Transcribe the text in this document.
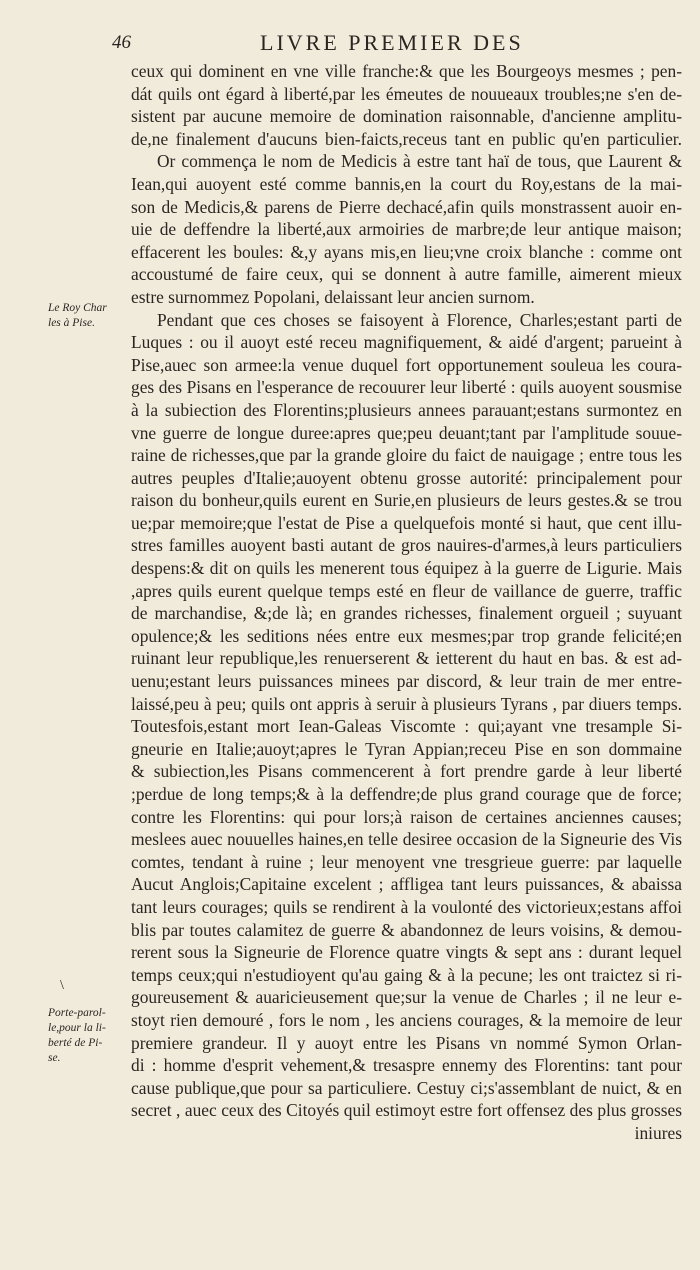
46	LIVRE PREMIER DES
Le Roy Char
les à Pise.
\
Porte-parol-
le,pour la li-
berté de Pi-
se.
ceux qui dominent en vne ville franche:& que les Bourgeoys mesmes ; pen-
dát quils ont égard à liberté,par les émeutes de nouueaux troubles;ne s'en de-
sistent par aucune memoire de domination raisonnable, d'ancienne amplitu-
de,ne finalement d'aucuns bien-faicts,receus tant en public qu'en particulier.
Or commença le nom de Medicis à estre tant haï de tous, que Laurent &
Iean,qui auoyent esté comme bannis,en la court du Roy,estans de la mai-
son de Medicis,& parens de Pierre dechacé,afin quils monstrassent auoir en-
uie de deffendre la liberté,aux armoiries de marbre;de leur antique maison;
effacerent les boules: &,y ayans mis,en lieu;vne croix blanche : comme ont
accoustumé de faire ceux, qui se donnent à autre famille, aimerent mieux
estre surnommez Popolani, delaissant leur ancien surnom.
Pendant que ces choses se faisoyent à Florence, Charles;estant parti de
Luques : ou il auoyt esté receu magnifiquement, & aidé d'argent; parueint à
Pise,auec son armee:la venue duquel fort opportunement souleua les coura-
ges des Pisans en l'esperance de recouurer leur liberté : quils auoyent sousmise
à la subiection des Florentins;plusieurs annees parauant;estans surmontez en
vne guerre de longue duree:apres que;peu deuant;tant par l'amplitude souue-
raine de richesses,que par la grande gloire du faict de nauigage ; entre tous les
autres peuples d'Italie;auoyent obtenu grosse autorité: principalement pour
raison du bonheur,quils eurent en Surie,en plusieurs de leurs gestes.& se trou
ue;par memoire;que l'estat de Pise a quelquefois monté si haut, que cent illu-
stres familles auoyent basti autant de gros nauires-d'armes,à leurs particuliers
despens:& dit on quils les menerent tous équipez à la guerre de Ligurie. Mais
,apres quils eurent quelque temps esté en fleur de vaillance de guerre, traffic
de marchandise, &;de là; en grandes richesses, finalement orgueil ; suyuant
opulence;& les seditions nées entre eux mesmes;par trop grande felicité;en
ruinant leur republique,les renuerserent & ietterent du haut en bas. & est ad-
uenu;estant leurs puissances minees par discord, & leur train de mer entre-
laissé,peu à peu; quils ont appris à seruir à plusieurs Tyrans , par diuers temps.
Toutesfois,estant mort Iean-Galeas Viscomte : qui;ayant vne tresample Si-
gneurie en Italie;auoyt;apres le Tyran Appian;receu Pise en son dommaine
& subiection,les Pisans commencerent à fort prendre garde à leur liberté
;perdue de long temps;& à la deffendre;de plus grand courage que de force;
contre les Florentins: qui pour lors;à raison de certaines anciennes causes;
meslees auec nouuelles haines,en telle desiree occasion de la Signeurie des Vis
comtes, tendant à ruine ; leur menoyent vne tresgrieue guerre: par laquelle
Aucut Anglois;Capitaine excelent ; affligea tant leurs puissances, & abaissa
tant leurs courages; quils se rendirent à la voulonté des victorieux;estans affoi
blis par toutes calamitez de guerre & abandonnez de leurs voisins, & demou-
rerent sous la Signeurie de Florence quatre vingts & sept ans : durant lequel
temps ceux;qui n'estudioyent qu'au gaing & à la pecune; les ont traictez si ri-
goureusement & auaricieusement que;sur la venue de Charles ; il ne leur e-
stoyt rien demouré , fors le nom , les anciens courages, & la memoire de leur
premiere grandeur. Il y auoyt entre les Pisans vn nommé Symon Orlan-
di : homme d'esprit vehement,& tresaspre ennemy des Florentins: tant pour
cause publique,que pour sa particuliere. Cestuy ci;s'assemblant de nuict, & en
secret , auec ceux des Citoyés quil estimoyt estre fort offensez des plus grosses
iniures
